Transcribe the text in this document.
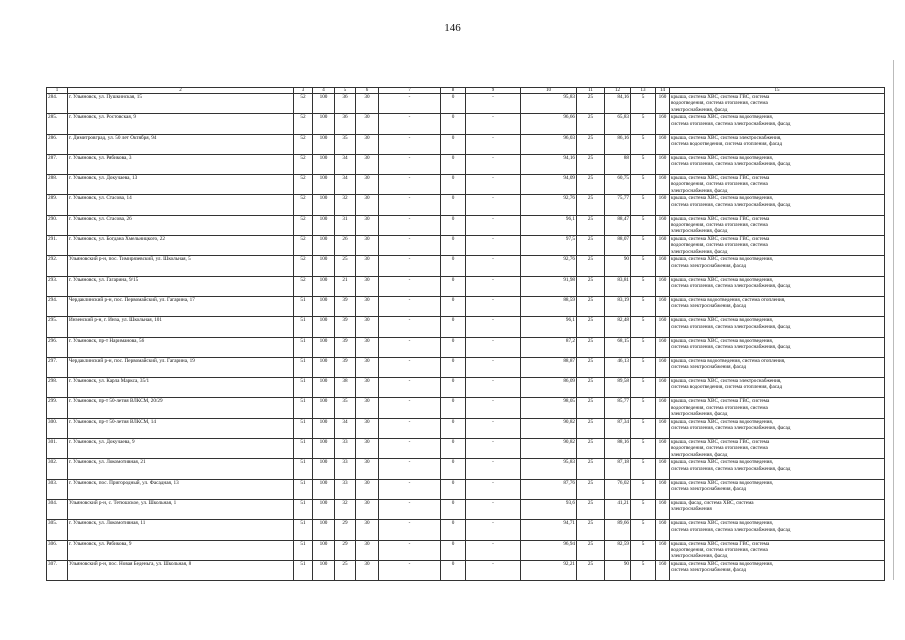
146
1	2	3	4	5	6	7	8	9	10	11	12	13	14	15
284.	г. Ульяновск, ул. Пушкинская, 15	52	100	36	30	-	0	-	95,83	25	84,16	5	160	крыша, система ХВС, система ГВС, система
водоотведения, система отопления, система
электроснабжения, фасад

285.	г. Ульяновск, ул. Ростовская, 9	52	100	36	30	-	0	-	96,66	25	65,83	5	160	крыша, система ХВС, система водоотведения,
система отопления, система электроснабжения, фасад

286.	г. Димитровград, ул. 50 лет Октября, 94	52	100	35	30	-	0	-	96,03	25	86,16	5	160	крыша, система ХВС, система электроснабжения,
система водоотведения, система отопления, фасад

287.	г. Ульяновск, ул. Рябикова, 3	52	100	34	30	-	0	-	94,16	25	88	5	160	крыша, система ХВС, система водоотведения,
система отопления, система электроснабжения, фасад

288.	г. Ульяновск, ул. Докучаева, 13	52	100	34	30	-	0	-	94,09	25	60,75	5	160	крыша, система ХВС, система ГВС, система
водоотведения, система отопления, система
электроснабжения, фасад

289.	г. Ульяновск, ул. Стасова, 14	52	100	32	30	-	0	-	92,76	25	75,77	5	160	крыша, система ХВС, система водоотведения,
система отопления, система электроснабжения, фасад

290.	г. Ульяновск, ул. Стасова, 26	52	100	31	30	-	0	-	96,1	25	88,47	5	160	крыша, система ХВС, система ГВС, система
водоотведения, система отопления, система
электроснабжения, фасад

291.	г. Ульяновск, ул. Богдана Хмельницкого, 22	52	100	26	30	-	0	-	97,5	25	88,07	5	160	крыша, система ХВС, система ГВС, система
водоотведения, система отопления, система
электроснабжения, фасад

292.	Ульяновский р-н, пос. Тимирязевский, ул. Школьная, 5	52	100	25	30	-	0	-	92,76	25	90	5	160	крыша, система ХВС, система водоотведения,
система электроснабжения, фасад

293.	г. Ульяновск, ул. Гагарина, 9/15	52	100	21	30	-	0	-	91,98	25	83,81	5	160	крыша, система ХВС, система водоотведения,
система отопления, система электроснабжения, фасад

294.	Чердаклинский р-н, пос. Первомайский, ул. Гагарина, 17	51	100	39	30	-	0	-	88,59	25	83,19	5	160	крыша, система водоотведения, система отопления,
система электроснабжения, фасад

295.	Инзенский р-н, г. Инза, ул. Школьная, 101	51	100	39	30	-	0	-	96,1	25	82,48	5	160	крыша, система ХВС, система водоотведения,
система отопления, система электроснабжения, фасад

296.	г. Ульяновск, пр-т Нариманова, 56	51	100	39	30	-	0	-	87,2	25	68,15	5	160	крыша, система ХВС, система водоотведения,
система отопления, система электроснабжения, фасад

297.	Чердаклинский р-н, пос. Первомайский, ул. Гагарина, 19	51	100	39	30	-	0	-	88,87	25	46,13	5	160	крыша, система водоотведения, система отопления,
система электроснабжения, фасад

298.	г. Ульяновск, ул. Карла Маркса, 35/1	51	100	38	30	-	0	-	86,09	25	89,58	5	160	крыша, система ХВС, система электроснабжения,
система водоотведения, система отопления, фасад

299.	г. Ульяновск, пр-т 50-летия ВЛКСМ, 20/29	51	100	35	30	-	0	-	98,05	25	85,77	5	160	крыша, система ХВС, система ГВС, система
водоотведения, система отопления, система
электроснабжения, фасад

300.	г. Ульяновск, пр-т 50-летия ВЛКСМ, 14	51	100	34	30	-	0	-	90,82	25	87,34	5	160	крыша, система ХВС, система водоотведения,
система отопления, система электроснабжения, фасад

301.	г. Ульяновск, ул. Докучаева, 9	51	100	33	30	-	0	-	90,82	25	88,16	5	160	крыша, система ХВС, система ГВС, система
водоотведения, система отопления, система
электроснабжения, фасад

302.	г. Ульяновск, ул. Локомотивная, 21	51	100	33	30	-	0	-	95,83	25	87,18	5	160	крыша, система ХВС, система водоотведения,
система отопления, система электроснабжения, фасад

303.	г. Ульяновск, пос. Пригородный, ул. Фасадная, 13	51	100	33	30	-	0	-	87,76	25	76,02	5	160	крыша, система ХВС, система водоотведения,
система электроснабжения, фасад

304.	Ульяновский р-н, с. Тетюшское, ул. Школьная, 1	51	100	32	30	-	0	-	93,6	25	41,21	5	160	крыша, фасад, система ХВС, система
электроснабжения

305.	г. Ульяновск, ул. Локомотивная, 11	51	100	29	30	-	0	-	94,71	25	89,66	5	160	крыша, система ХВС, система водоотведения,
система отопления, система электроснабжения, фасад

306.	г. Ульяновск, ул. Рябикова, 9	51	100	29	30	-	0	-	96,94	25	82,59	5	160	крыша, система ХВС, система ГВС, система
водоотведения, система отопления, система
электроснабжения, фасад

307.	Ульяновский р-н, пос. Новая Беденьга, ул. Школьная, 8	51	100	25	30	-	0	-	92,21	25	90	5	160	крыша, система ХВС, система водоотведения,
система электроснабжения, фасад
